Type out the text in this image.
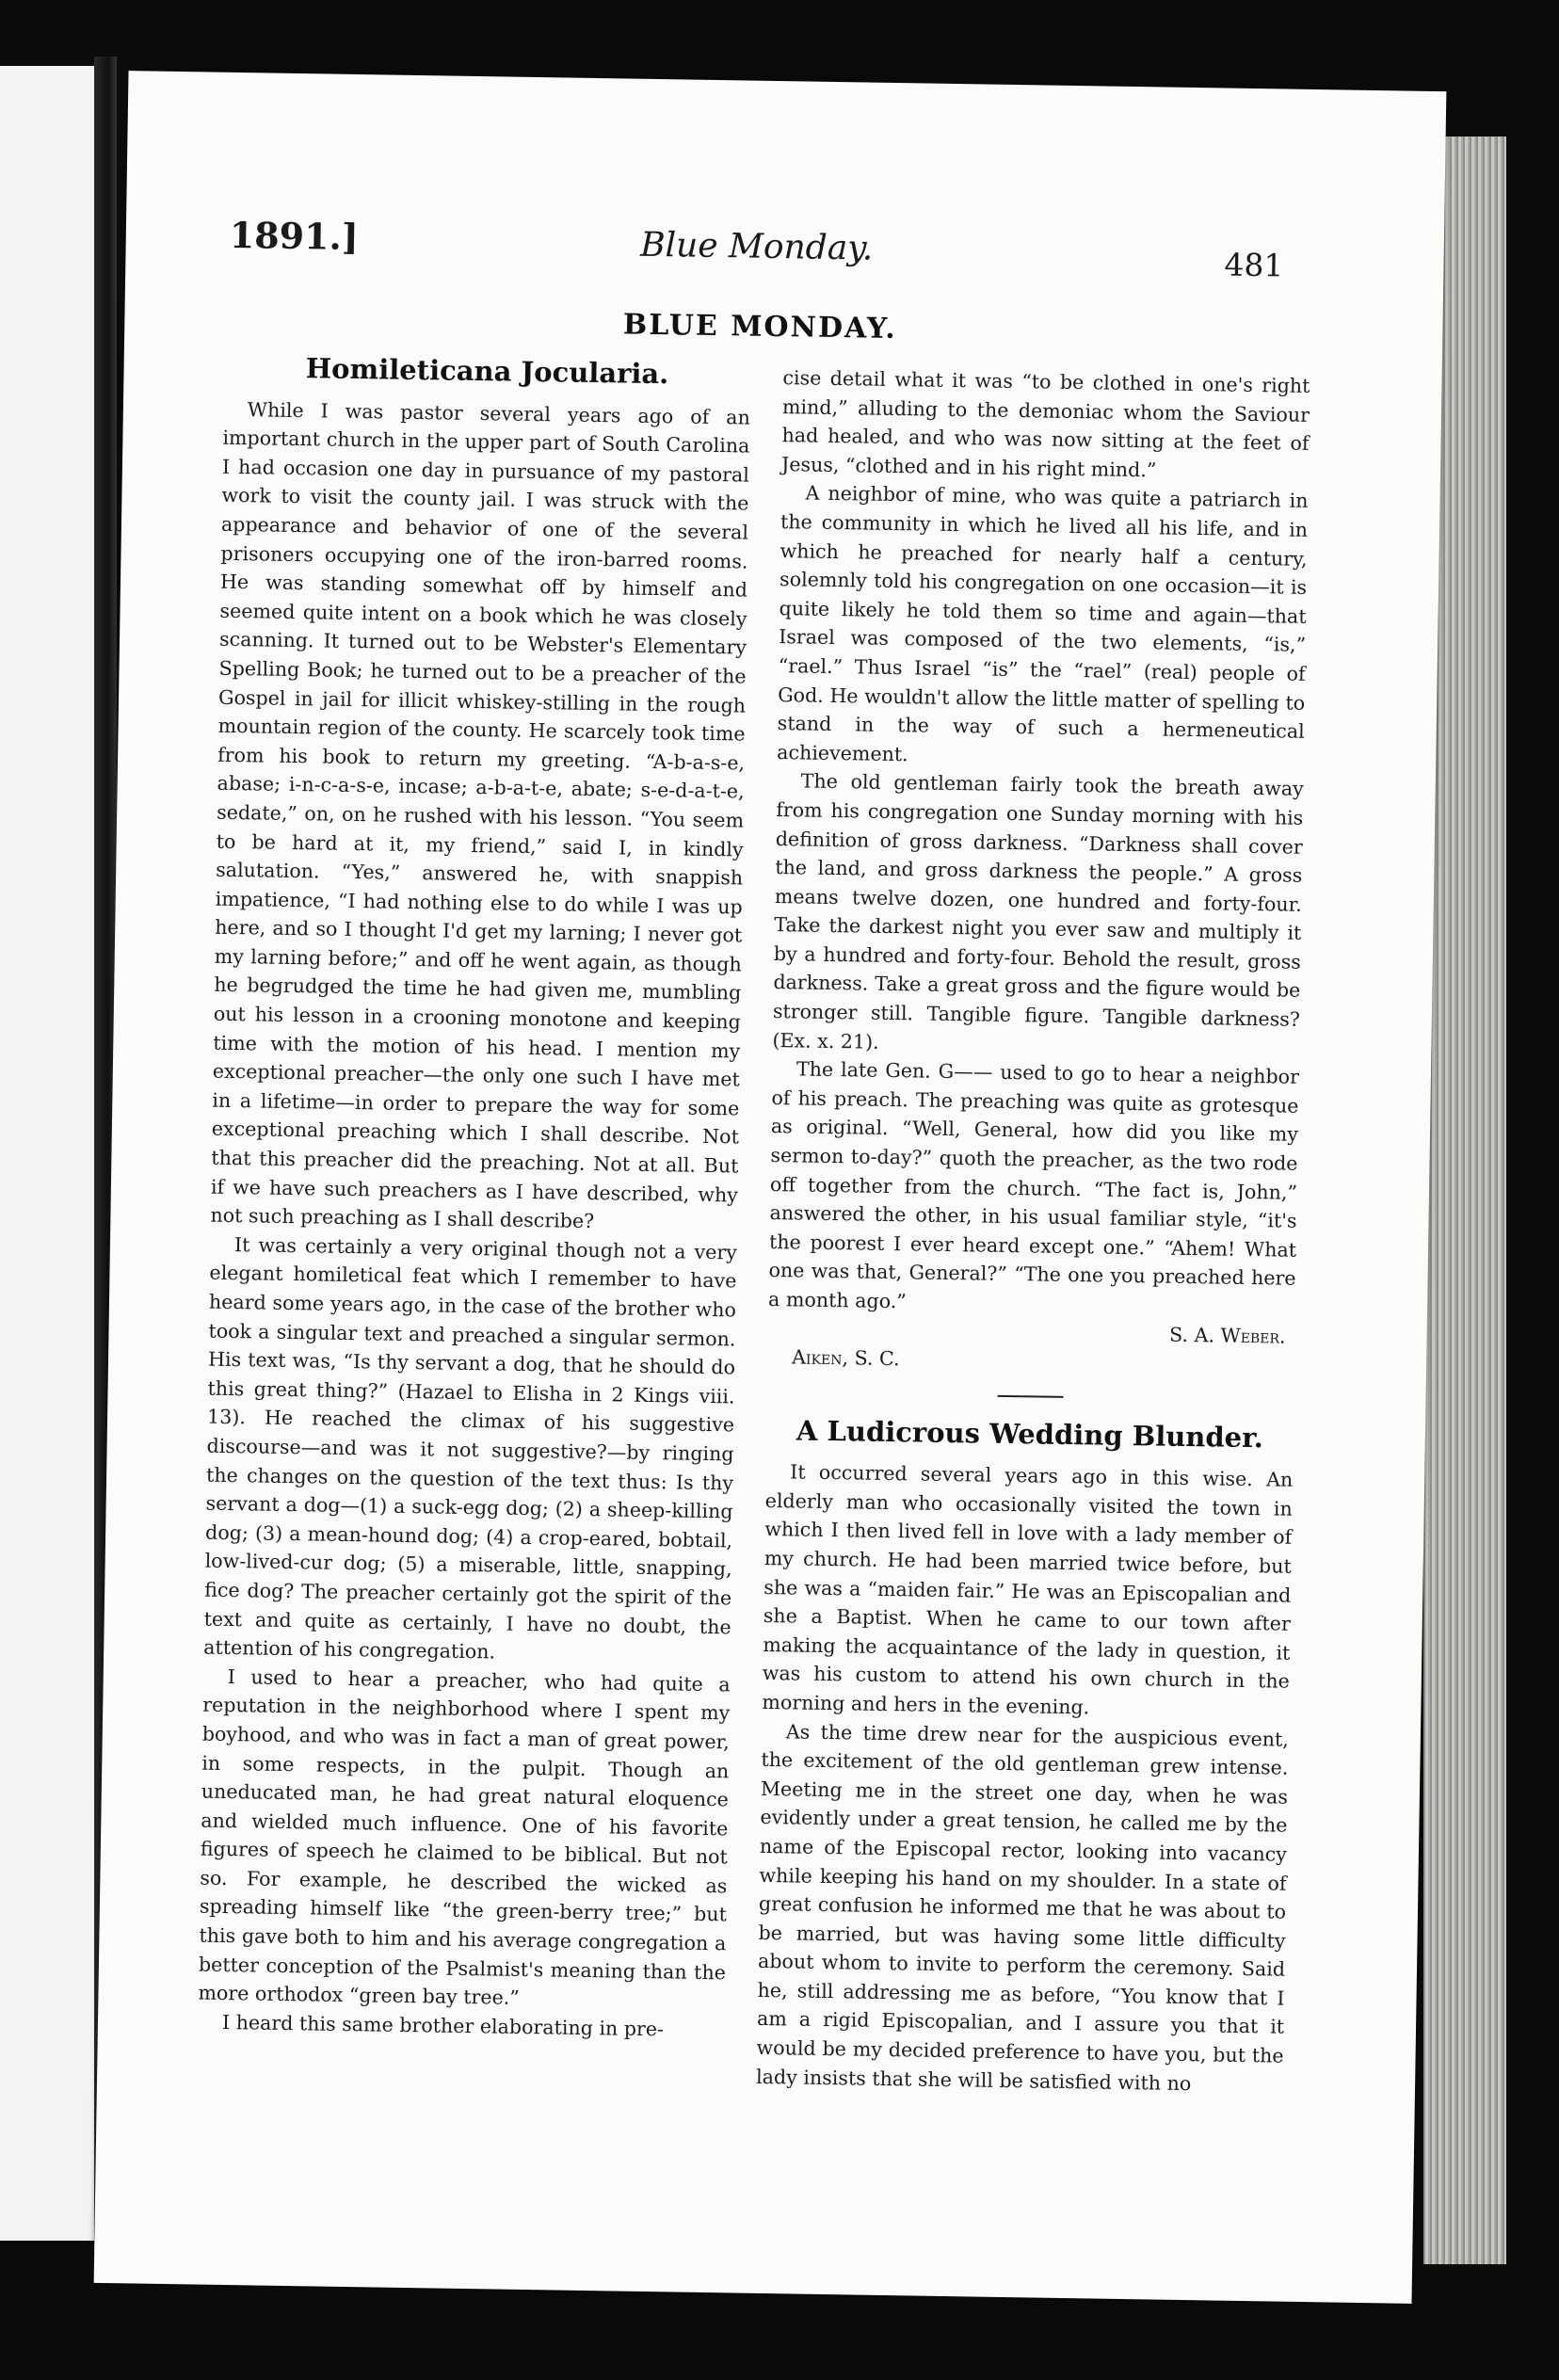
1891.]	Blue Monday.	481
BLUE MONDAY.
Homileticana Jocularia.

While I was pastor several years ago of an important church in the upper part of South Carolina I had occasion one day in pursuance of my pastoral work to visit the county jail. I was struck with the appearance and behavior of one of the several prisoners occupying one of the iron-barred rooms. He was standing somewhat off by himself and seemed quite intent on a book which he was closely scanning. It turned out to be Webster's Elementary Spelling Book; he turned out to be a preacher of the Gospel in jail for illicit whiskey-stilling in the rough mountain region of the county. He scarcely took time from his book to return my greeting. “A-b-a-s-e, abase; i-n-c-a-s-e, incase; a-b-a-t-e, abate; s-e-d-a-t-e, sedate,” on, on he rushed with his lesson. “You seem to be hard at it, my friend,” said I, in kindly salutation. “Yes,” answered he, with snappish impatience, “I had nothing else to do while I was up here, and so I thought I'd get my larning; I never got my larning before;” and off he went again, as though he begrudged the time he had given me, mumbling out his lesson in a crooning monotone and keeping time with the motion of his head. I mention my exceptional preacher—the only one such I have met in a lifetime—in order to prepare the way for some exceptional preaching which I shall describe. Not that this preacher did the preaching. Not at all. But if we have such preachers as I have described, why not such preaching as I shall describe?

It was certainly a very original though not a very elegant homiletical feat which I remember to have heard some years ago, in the case of the brother who took a singular text and preached a singular sermon. His text was, “Is thy servant a dog, that he should do this great thing?” (Hazael to Elisha in 2 Kings viii. 13). He reached the climax of his suggestive discourse—and was it not suggestive?—by ringing the changes on the question of the text thus: Is thy servant a dog—(1) a suck-egg dog; (2) a sheep-killing dog; (3) a mean-hound dog; (4) a crop-eared, bobtail, low-lived-cur dog; (5) a miserable, little, snapping, fice dog? The preacher certainly got the spirit of the text and quite as certainly, I have no doubt, the attention of his congregation.

I used to hear a preacher, who had quite a reputation in the neighborhood where I spent my boyhood, and who was in fact a man of great power, in some respects, in the pulpit. Though an uneducated man, he had great natural eloquence and wielded much influence. One of his favorite figures of speech he claimed to be biblical. But not so. For example, he described the wicked as spreading himself like “the green-berry tree;” but this gave both to him and his average congregation a better conception of the Psalmist's meaning than the more orthodox “green bay tree.”

I heard this same brother elaborating in pre-

cise detail what it was “to be clothed in one's right mind,” alluding to the demoniac whom the Saviour had healed, and who was now sitting at the feet of Jesus, “clothed and in his right mind.”

A neighbor of mine, who was quite a patriarch in the community in which he lived all his life, and in which he preached for nearly half a century, solemnly told his congregation on one occasion—it is quite likely he told them so time and again—that Israel was composed of the two elements, “is,” “rael.” Thus Israel “is” the “rael” (real) people of God. He wouldn't allow the little matter of spelling to stand in the way of such a hermeneutical achievement.

The old gentleman fairly took the breath away from his congregation one Sunday morning with his definition of gross darkness. “Darkness shall cover the land, and gross darkness the people.” A gross means twelve dozen, one hundred and forty-four. Take the darkest night you ever saw and multiply it by a hundred and forty-four. Behold the result, gross darkness. Take a great gross and the figure would be stronger still. Tangible figure. Tangible darkness? (Ex. x. 21).

The late Gen. G—— used to go to hear a neighbor of his preach. The preaching was quite as grotesque as original. “Well, General, how did you like my sermon to-day?” quoth the preacher, as the two rode off together from the church. “The fact is, John,” answered the other, in his usual familiar style, “it's the poorest I ever heard except one.” “Ahem! What one was that, General?” “The one you preached here a month ago.”

S. A. Weber.
Aiken, S. C.
A Ludicrous Wedding Blunder.

It occurred several years ago in this wise. An elderly man who occasionally visited the town in which I then lived fell in love with a lady member of my church. He had been married twice before, but she was a “maiden fair.” He was an Episcopalian and she a Baptist. When he came to our town after making the acquaintance of the lady in question, it was his custom to attend his own church in the morning and hers in the evening.

As the time drew near for the auspicious event, the excitement of the old gentleman grew intense. Meeting me in the street one day, when he was evidently under a great tension, he called me by the name of the Episcopal rector, looking into vacancy while keeping his hand on my shoulder. In a state of great confusion he informed me that he was about to be married, but was having some little difficulty about whom to invite to perform the ceremony. Said he, still addressing me as before, “You know that I am a rigid Episcopalian, and I assure you that it would be my decided preference to have you, but the lady insists that she will be satisfied with no
